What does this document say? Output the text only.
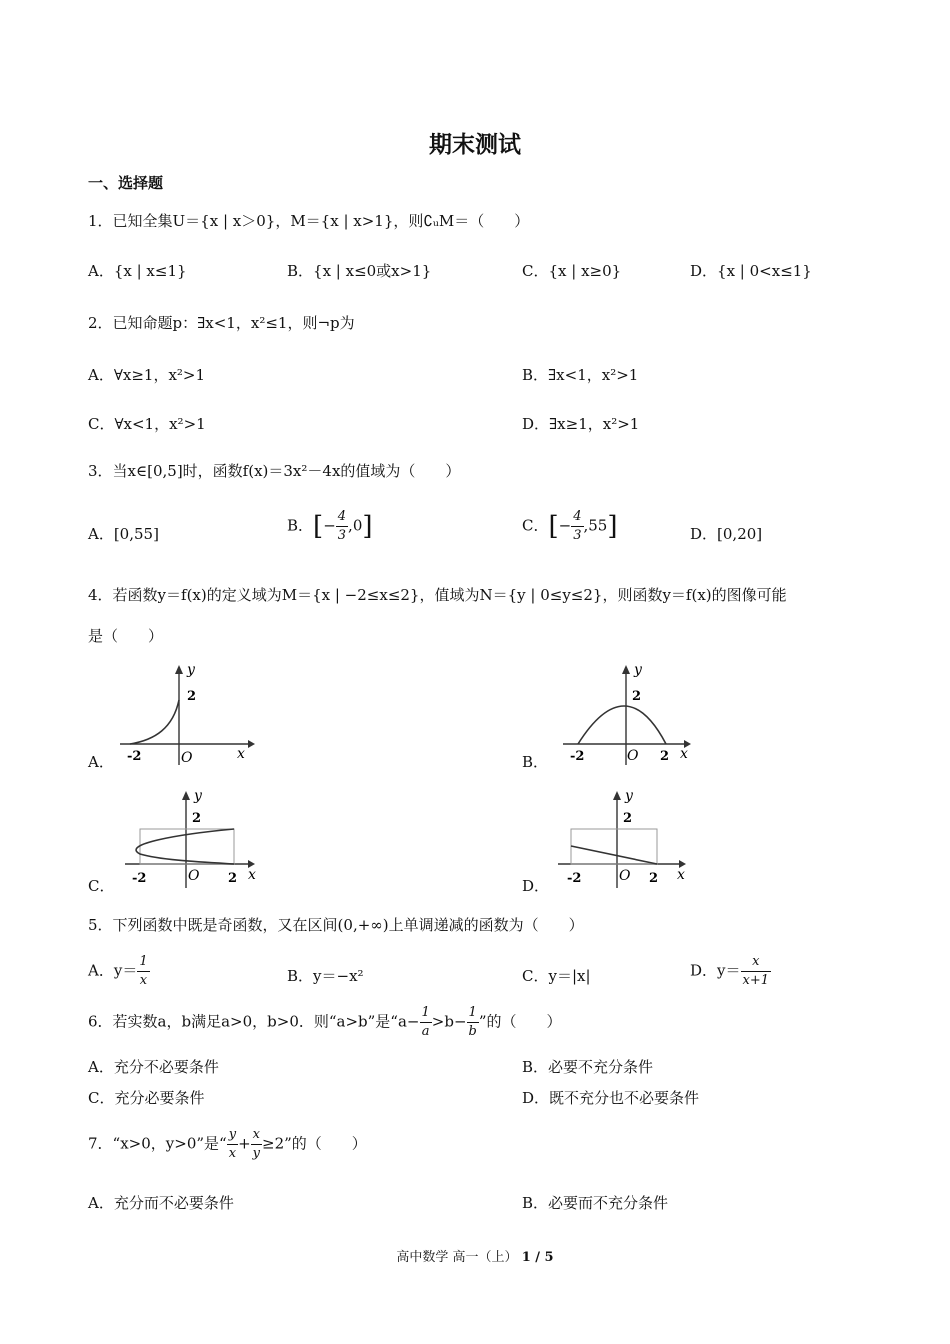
期末测试
一、选择题
1．已知全集U＝{x | x＞0}，M＝{x | x>1}，则∁ᵤM＝（　　）
A．{x | x≤1}	B．{x | x≤0或x>1}	C．{x | x≥0}	D．{x | 0<x≤1}
2．已知命题p：∃x<1，x²≤1，则¬p为
A．∀x≥1，x²>1	B．∃x<1，x²>1
C．∀x<1，x²>1	D．∃x≥1，x²>1
3．当x∈[0,5]时，函数f(x)＝3x²－4x的值域为（　　）
A．[0,55]	B．[− $\frac{4}{3} ,0$]	C．[− $\frac{4}{3} ,55$]	D．[0,20]
4．若函数y＝f(x)的定义域为M＝{x | −2≤x≤2}，值域为N＝{y | 0≤y≤2}，则函数y＝f(x)的图像可能
是（　　）
A．	B．
C．	D．
y
2
x
O
-2
y
2
x
O
-2	2
y
2
x
O
-2	2
y
2
x
O
-2	2
5．下列函数中既是奇函数，又在区间(0,+∞)上单调递减的函数为（　　）
A．$y= \frac{1}{x}$	B．y＝−x²	C．y＝|x|	D．$y= \frac{x}{x+1}$
6．若实数a，b满足a>0，b>0．则“a>b”是“$a- \frac{1}{a} >b- \frac{1}{b}$ ”的（　　）
A．充分不必要条件	B．必要不充分条件
C．充分必要条件	D．既不充分也不必要条件
7．“x>0，y>0”是“ $\frac{y}{x} + \frac{x}{y} \ge 2$”的（　　）
A．充分而不必要条件	B．必要而不充分条件
高中数学 高一（上） 1 / 5
